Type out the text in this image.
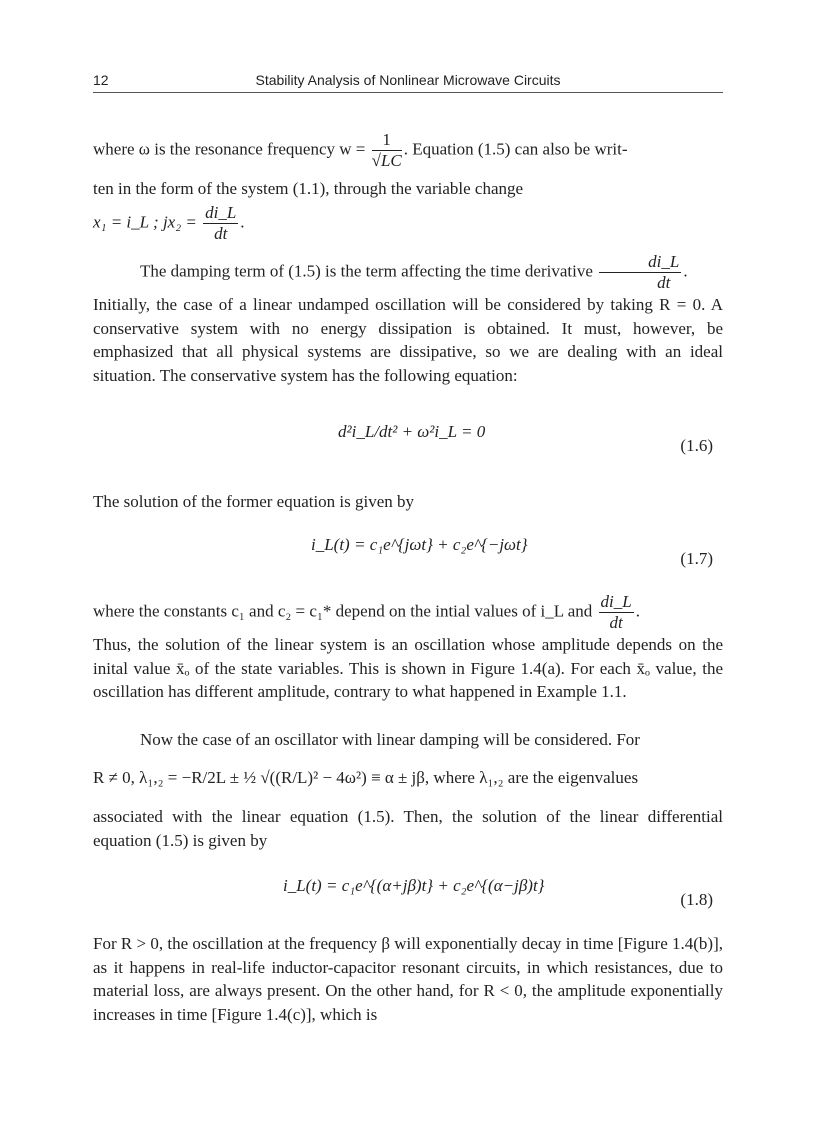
12	Stability Analysis of Nonlinear Microwave Circuits

where ω is the resonance frequency $w = \frac{1}{√LC}$ . Equation (1.5) can also be writ-

ten in the form of the system (1.1), through the variable change

x₁ = i_L ; $jx_2 = \frac{di\_L}{dt}$ .

The damping term of (1.5) is the term affecting the time derivative $\frac{di\_L}{dt}$ .

Initially, the case of a linear undamped oscillation will be considered by taking R = 0. A conservative system with no energy dissipation is obtained. It must, however, be emphasized that all physical systems are dissipative, so we are dealing with an ideal situation. The conservative system has the following equation:

d²i_L/dt² + ω²i_L = 0
(1.6)

The solution of the former equation is given by

i_L(t) = c₁e^{jωt} + c₂e^{−jωt}
(1.7)

where the constants c₁ and c₂ = c₁* depend on the intial values of i_L and $\frac{di\_L}{dt}$ .

Thus, the solution of the linear system is an oscillation whose amplitude depends on the inital value x̄ₒ of the state variables. This is shown in Figure 1.4(a). For each x̄ₒ value, the oscillation has different amplitude, contrary to what happened in Example 1.1.

Now the case of an oscillator with linear damping will be considered. For

R ≠ 0, λ₁,₂ = −R/2L ± ½ √((R/L)² − 4ω²) ≡ α ± jβ, where λ₁,₂ are the eigenvalues

associated with the linear equation (1.5). Then, the solution of the linear differential equation (1.5) is given by

i_L(t) = c₁e^{(α+jβ)t} + c₂e^{(α−jβ)t}
(1.8)

For R > 0, the oscillation at the frequency β will exponentially decay in time [Figure 1.4(b)], as it happens in real-life inductor-capacitor resonant circuits, in which resistances, due to material loss, are always present. On the other hand, for R < 0, the amplitude exponentially increases in time [Figure 1.4(c)], which is
